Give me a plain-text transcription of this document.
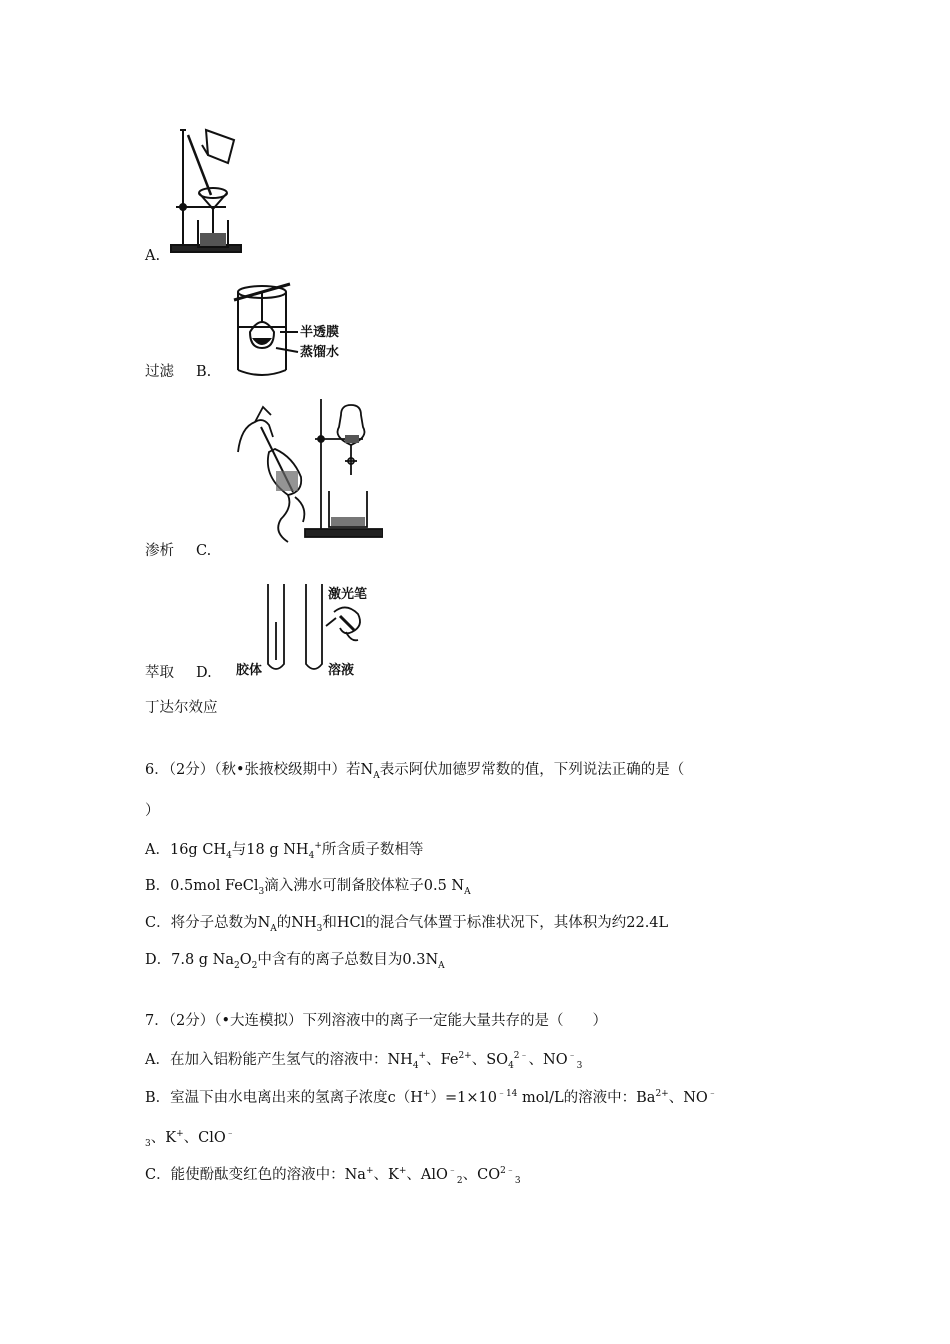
A.
半透膜
蒸馏水
过滤 B.
渗析 C.
激光笔
胶体	溶液
萃取 D.
丁达尔效应
6．（2分）（秋•张掖校级期中）若$N_A$表示阿伏加德罗常数的值，下列说法正确的是（
）
A．16g $CH_4$与18 g $NH_4^+$所含质子数相等
B．0.5mol FeCl$_3$滴入沸水可制备胶体粒子0.5 $N_A$
C．将分子总数为$N_A$的$NH_3$和HCl的混合气体置于标准状况下，其体积为约22.4L
D．7.8 g $Na_2O_2$中含有的离子总数目为$0.3N_A$
7．（2分）（•大连模拟）下列溶液中的离子一定能大量共存的是（　　）
A．在加入铝粉能产生氢气的溶液中：$NH_4^+$、$Fe^{2+}$、$SO_4^{2﹣}$、$NO^﹣_3$
B．室温下由水电离出来的氢离子浓度$c(H^+)=1\times 10^{﹣14}$ mol/L的溶液中：$Ba^{2+}$、NO﹣
$_3$、K+、ClO﹣
C．能使酚酞变红色的溶液中：Na+、K+、AlO﹣$_2$、$CO^{2﹣}_3$
